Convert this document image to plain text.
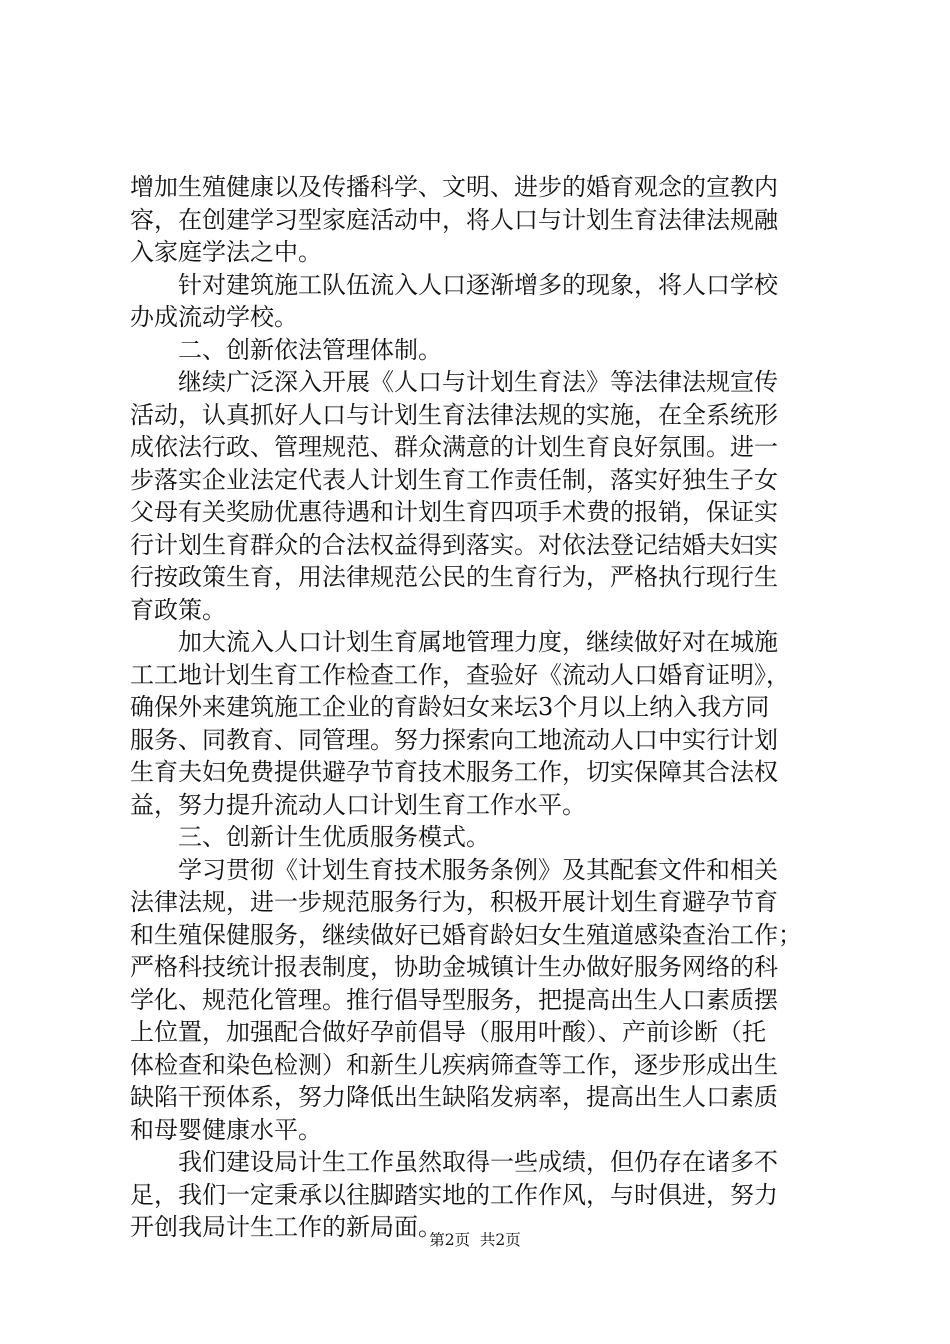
增加生殖健康以及传播科学、文明、进步的婚育观念的宣教内
容，在创建学习型家庭活动中，将人口与计划生育法律法规融
入家庭学法之中。
　　针对建筑施工队伍流入人口逐渐增多的现象，将人口学校
办成流动学校。
　　二、创新依法管理体制。
　　继续广泛深入开展《人口与计划生育法》等法律法规宣传
活动，认真抓好人口与计划生育法律法规的实施，在全系统形
成依法行政、管理规范、群众满意的计划生育良好氛围。进一
步落实企业法定代表人计划生育工作责任制，落实好独生子女
父母有关奖励优惠待遇和计划生育四项手术费的报销，保证实
行计划生育群众的合法权益得到落实。对依法登记结婚夫妇实
行按政策生育，用法律规范公民的生育行为，严格执行现行生
育政策。
　　加大流入人口计划生育属地管理力度，继续做好对在城施
工工地计划生育工作检查工作，查验好《流动人口婚育证明》，
确保外来建筑施工企业的育龄妇女来坛3个月以上纳入我方同
服务、同教育、同管理。努力探索向工地流动人口中实行计划
生育夫妇免费提供避孕节育技术服务工作，切实保障其合法权
益，努力提升流动人口计划生育工作水平。
　　三、创新计生优质服务模式。
　　学习贯彻《计划生育技术服务条例》及其配套文件和相关
法律法规，进一步规范服务行为，积极开展计划生育避孕节育
和生殖保健服务，继续做好已婚育龄妇女生殖道感染查治工作；
严格科技统计报表制度，协助金城镇计生办做好服务网络的科
学化、规范化管理。推行倡导型服务，把提高出生人口素质摆
上位置，加强配合做好孕前倡导（服用叶酸）、产前诊断（托
体检查和染色检测）和新生儿疾病筛查等工作，逐步形成出生
缺陷干预体系，努力降低出生缺陷发病率，提高出生人口素质
和母婴健康水平。
　　我们建设局计生工作虽然取得一些成绩，但仍存在诸多不
足，我们一定秉承以往脚踏实地的工作作风，与时俱进，努力
开创我局计生工作的新局面。
第2页  共2页
